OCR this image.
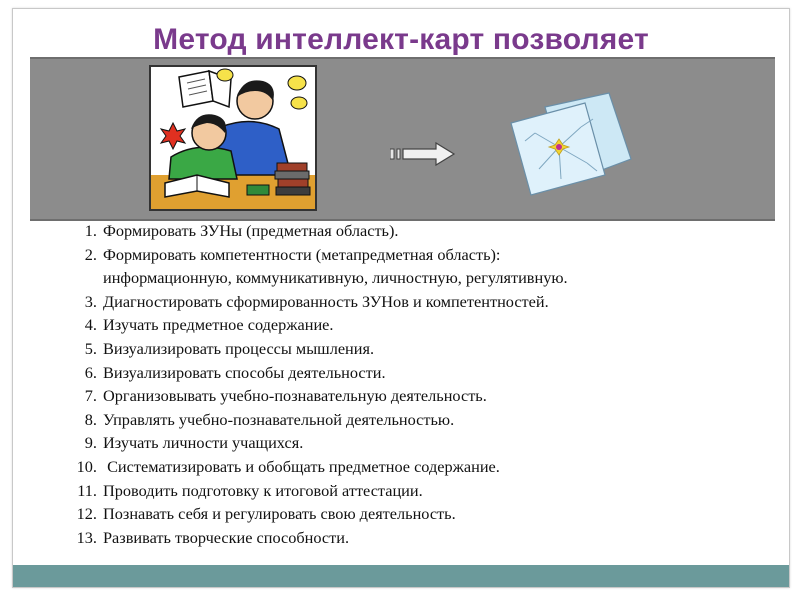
Метод интеллект-карт позволяет
1. Формировать ЗУНы (предметная область).
2. Формировать компетентности (метапредметная область):
информационную, коммуникативную, личностную, регулятивную.
3. Диагностировать сформированность ЗУНов и компетентностей.
4. Изучать предметное содержание.
5. Визуализировать процессы мышления.
6. Визуализировать способы деятельности.
7. Организовывать учебно-познавательную деятельность.
8. Управлять учебно-познавательной деятельностью.
9. Изучать личности учащихся.
10. Систематизировать и обобщать предметное содержание.
11. Проводить подготовку к итоговой аттестации.
12. Познавать себя и регулировать свою деятельность.
13. Развивать творческие способности.
